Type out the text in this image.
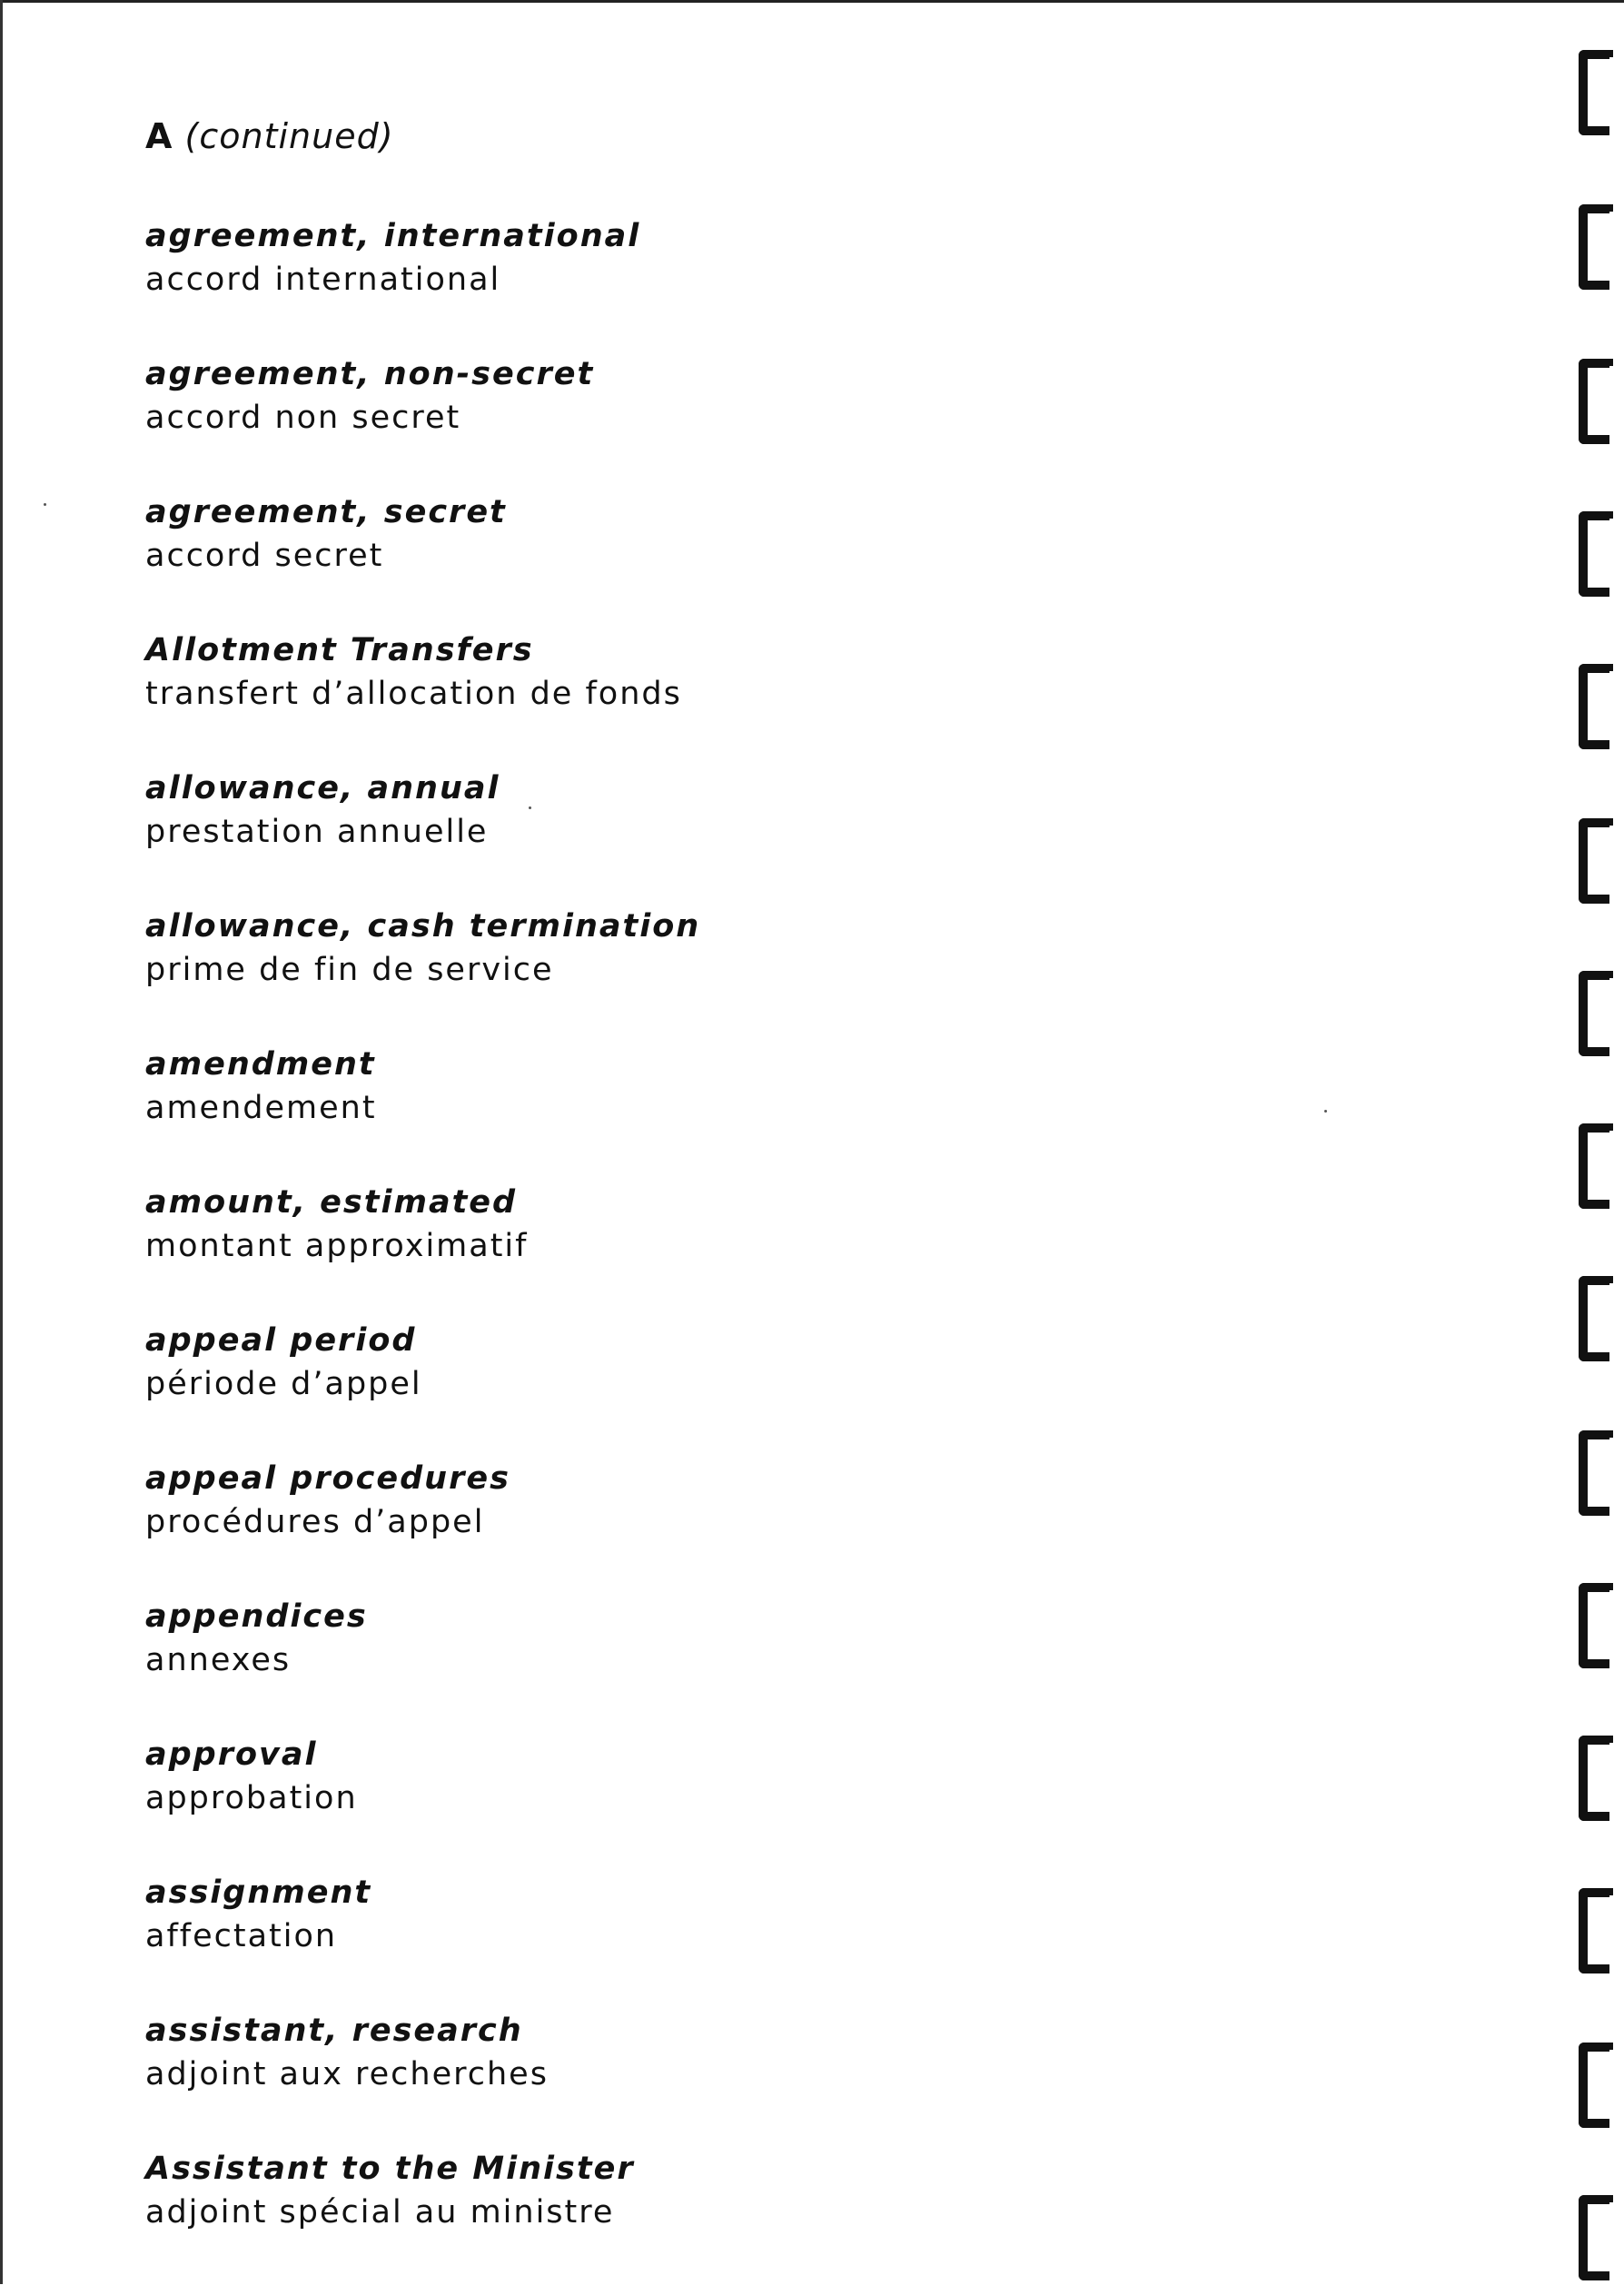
A (continued)
agreement, international
accord international
agreement, non-secret
accord non secret
agreement, secret
accord secret
Allotment Transfers
transfert d’allocation de fonds
allowance, annual
prestation annuelle
allowance, cash termination
prime de fin de service
amendment
amendement
amount, estimated
montant approximatif
appeal period
période d’appel
appeal procedures
procédures d’appel
appendices
annexes
approval
approbation
assignment
affectation
assistant, research
adjoint aux recherches
Assistant to the Minister
adjoint spécial au ministre
